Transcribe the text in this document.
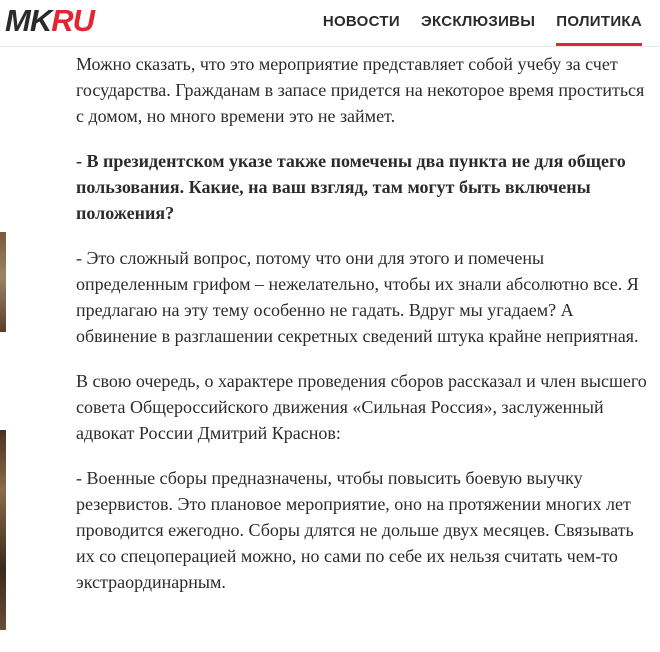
MKRU	НОВОСТИ ЭКСКЛЮЗИВЫ ПОЛИТИКА

Можно сказать, что это мероприятие представляет собой учебу за счет государства. Гражданам в запасе придется на некоторое время проститься с домом, но много времени это не займет.

- В президентском указе также помечены два пункта не для общего пользования. Какие, на ваш взгляд, там могут быть включены положения?

- Это сложный вопрос, потому что они для этого и помечены определенным грифом – нежелательно, чтобы их знали абсолютно все. Я предлагаю на эту тему особенно не гадать. Вдруг мы угадаем? А обвинение в разглашении секретных сведений штука крайне неприятная.

В свою очередь, о характере проведения сборов рассказал и член высшего совета Общероссийского движения «Сильная Россия», заслуженный адвокат России Дмитрий Краснов:

- Военные сборы предназначены, чтобы повысить боевую выучку резервистов. Это плановое мероприятие, оно на протяжении многих лет проводится ежегодно. Сборы длятся не дольше двух месяцев. Связывать их со спецоперацией можно, но сами по себе их нельзя считать чем-то экстраординарным.
